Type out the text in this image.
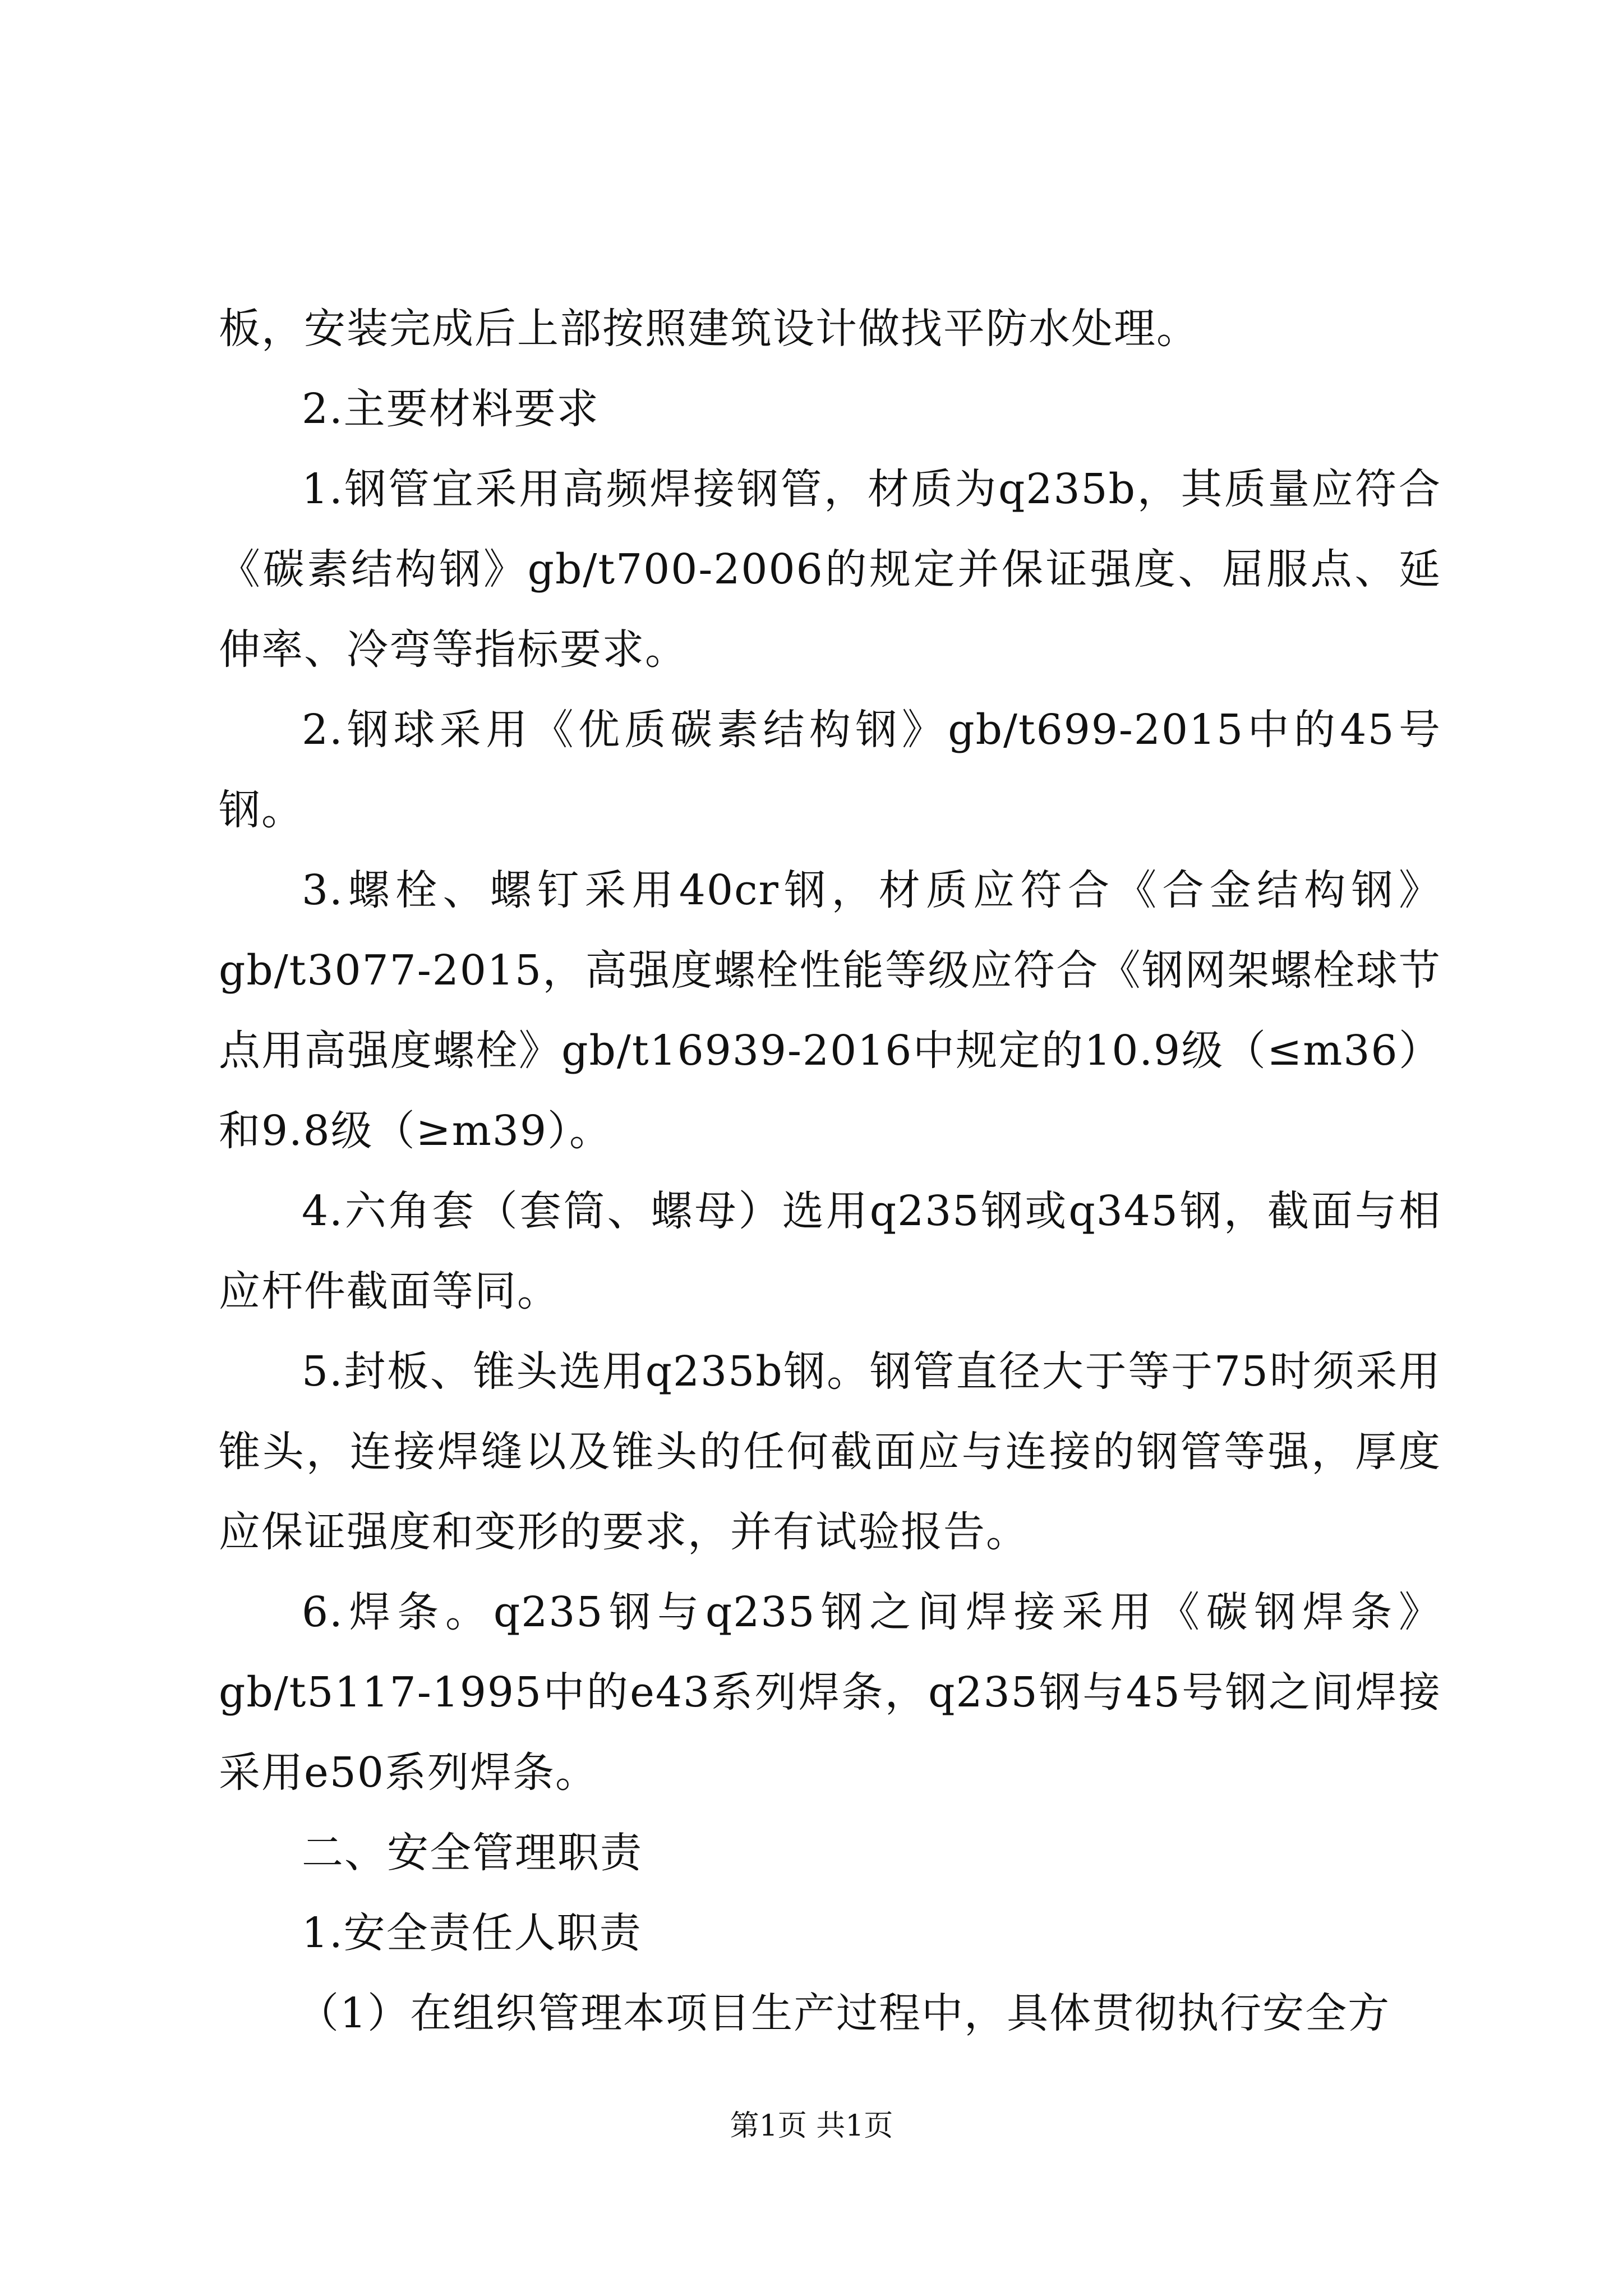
板，安装完成后上部按照建筑设计做找平防水处理。

2.主要材料要求

1.钢管宜采用高频焊接钢管，材质为q235b，其质量应符合《碳素结构钢》gb/t700-2006的规定并保证强度、屈服点、延伸率、冷弯等指标要求。

2.钢球采用《优质碳素结构钢》gb/t699-2015中的45号钢。

3.螺栓、螺钉采用40cr钢，材质应符合《合金结构钢》gb/t3077-2015，高强度螺栓性能等级应符合《钢网架螺栓球节点用高强度螺栓》gb/t16939-2016中规定的10.9级（≤m36）和9.8级（≥m39）。

4.六角套（套筒、螺母）选用q235钢或q345钢，截面与相应杆件截面等同。

5.封板、锥头选用q235b钢。钢管直径大于等于75时须采用锥头，连接焊缝以及锥头的任何截面应与连接的钢管等强，厚度应保证强度和变形的要求，并有试验报告。

6.焊条。q235钢与q235钢之间焊接采用《碳钢焊条》gb/t5117-1995中的e43系列焊条，q235钢与45号钢之间焊接采用e50系列焊条。

二、安全管理职责

1.安全责任人职责

（1）在组织管理本项目生产过程中，具体贯彻执行安全方

第1页 共1页
